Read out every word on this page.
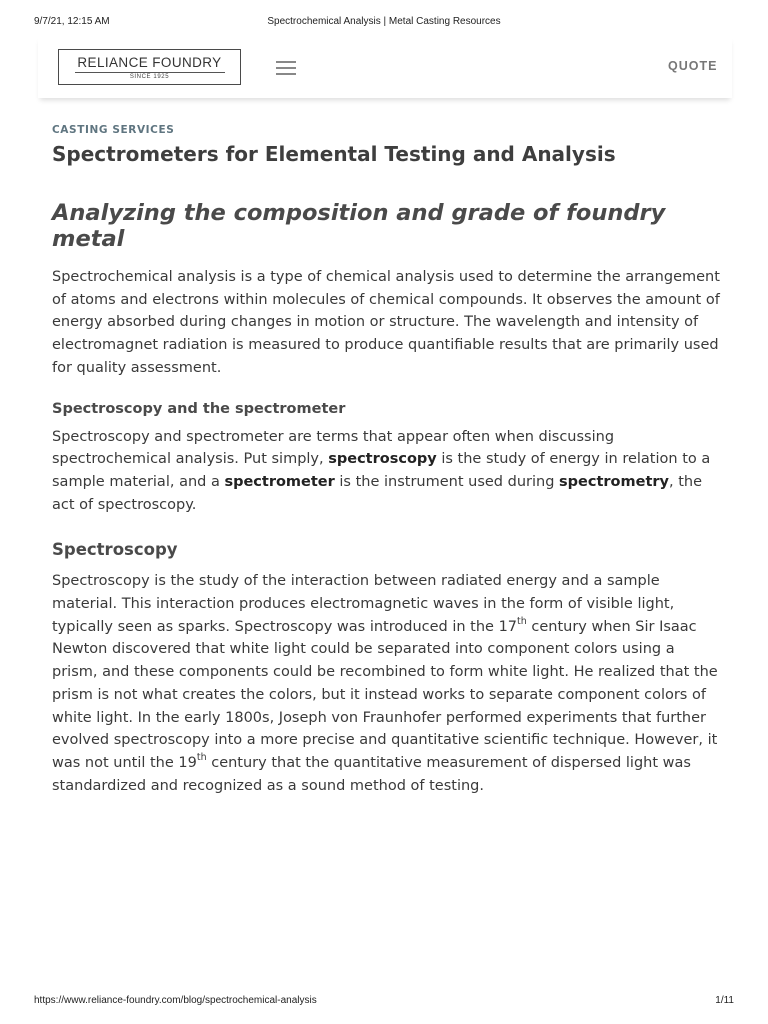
9/7/21, 12:15 AM	Spectrochemical Analysis | Metal Casting Resources
RELIANCE FOUNDRY
SINCE 1925
QUOTE
CASTING SERVICES
Spectrometers for Elemental Testing and Analysis
Analyzing the composition and grade of foundry metal

Spectrochemical analysis is a type of chemical analysis used to determine the arrangement of atoms and electrons within molecules of chemical compounds. It observes the amount of energy absorbed during changes in motion or structure. The wavelength and intensity of electromagnet radiation is measured to produce quantifiable results that are primarily used for quality assessment.

Spectroscopy and the spectrometer

Spectroscopy and spectrometer are terms that appear often when discussing spectrochemical analysis. Put simply, spectroscopy is the study of energy in relation to a sample material, and a spectrometer is the instrument used during spectrometry, the act of spectroscopy.

Spectroscopy

Spectroscopy is the study of the interaction between radiated energy and a sample material. This interaction produces electromagnetic waves in the form of visible light, typically seen as sparks. Spectroscopy was introduced in the 17th century when Sir Isaac Newton discovered that white light could be separated into component colors using a prism, and these components could be recombined to form white light. He realized that the prism is not what creates the colors, but it instead works to separate component colors of white light. In the early 1800s, Joseph von Fraunhofer performed experiments that further evolved spectroscopy into a more precise and quantitative scientific technique. However, it was not until the 19th century that the quantitative measurement of dispersed light was standardized and recognized as a sound method of testing.

https://www.reliance-foundry.com/blog/spectrochemical-analysis	1/11
